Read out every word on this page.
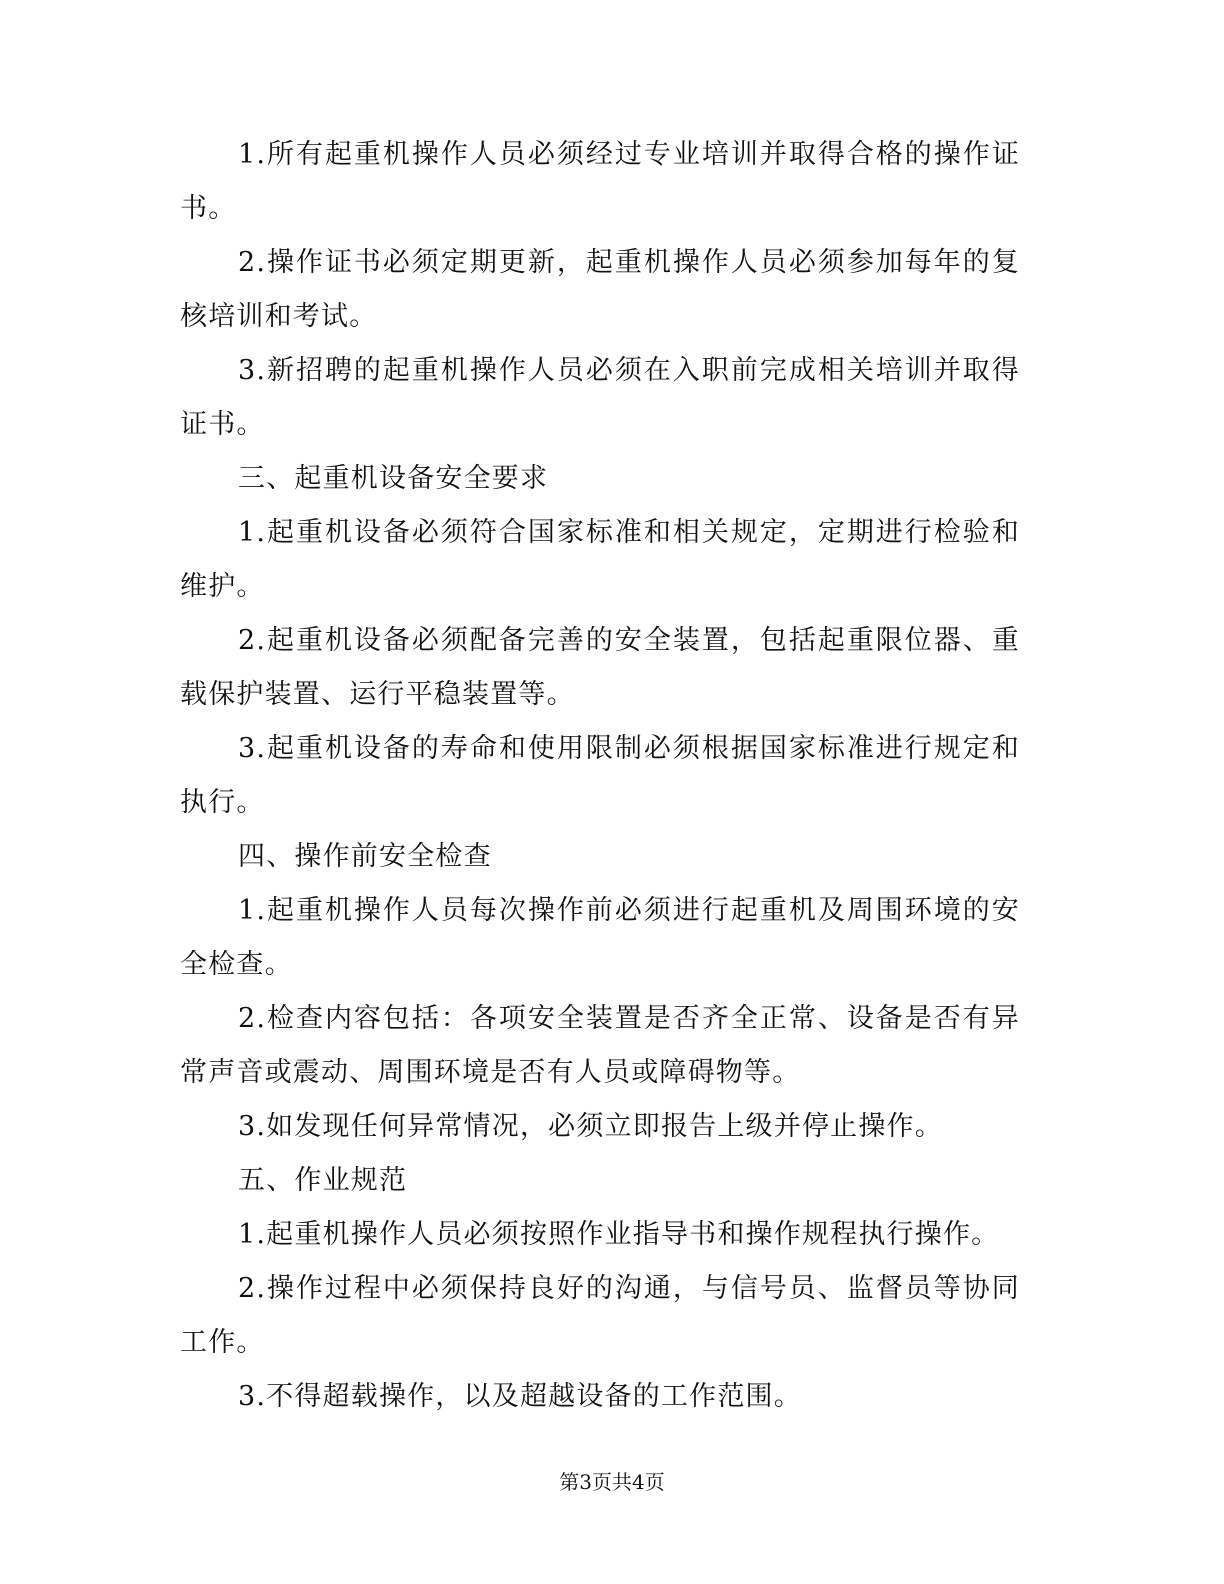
1.所有起重机操作人员必须经过专业培训并取得合格的操作证书。

2.操作证书必须定期更新，起重机操作人员必须参加每年的复核培训和考试。

3.新招聘的起重机操作人员必须在入职前完成相关培训并取得证书。

三、起重机设备安全要求

1.起重机设备必须符合国家标准和相关规定，定期进行检验和维护。

2.起重机设备必须配备完善的安全装置，包括起重限位器、重载保护装置、运行平稳装置等。

3.起重机设备的寿命和使用限制必须根据国家标准进行规定和执行。

四、操作前安全检查

1.起重机操作人员每次操作前必须进行起重机及周围环境的安全检查。

2.检查内容包括：各项安全装置是否齐全正常、设备是否有异常声音或震动、周围环境是否有人员或障碍物等。

3.如发现任何异常情况，必须立即报告上级并停止操作。

五、作业规范

1.起重机操作人员必须按照作业指导书和操作规程执行操作。

2.操作过程中必须保持良好的沟通，与信号员、监督员等协同工作。

3.不得超载操作，以及超越设备的工作范围。

第3页共4页
